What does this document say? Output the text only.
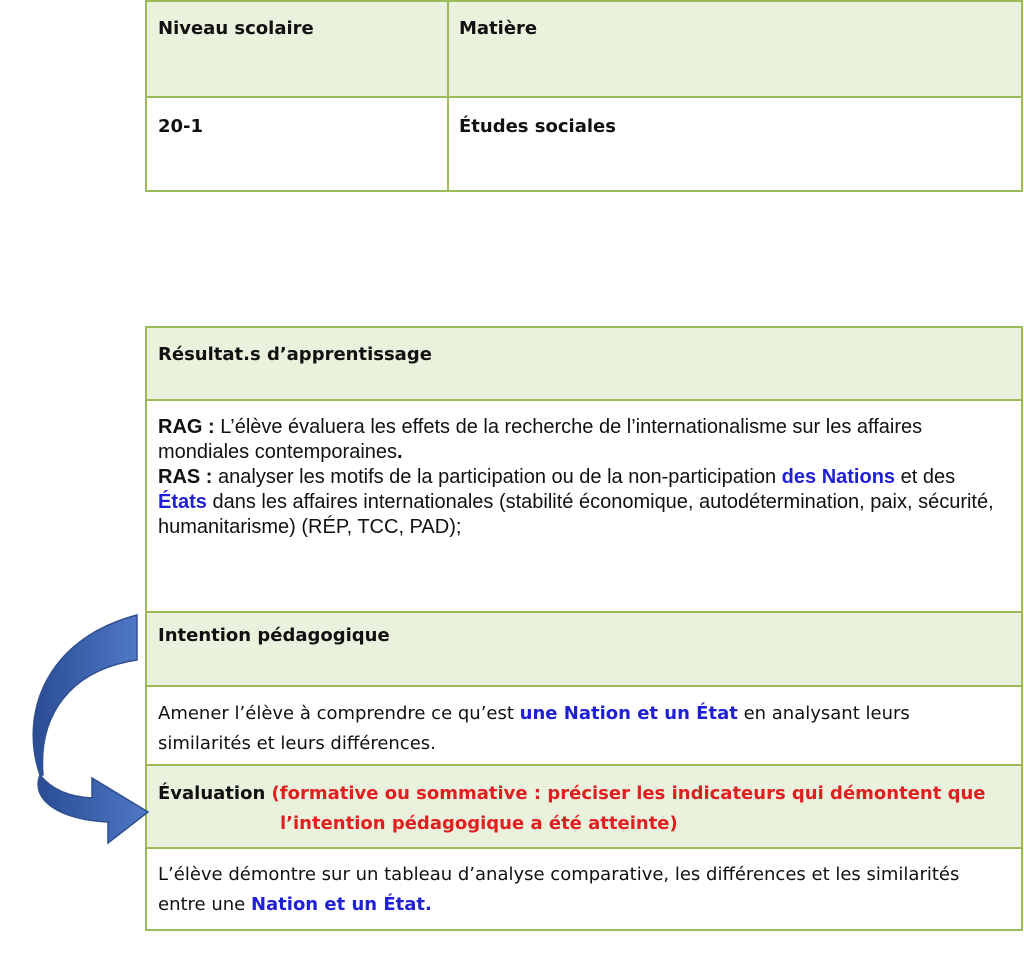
Niveau scolaire	Matière
20-1	Études sociales
Résultat.s d’apprentissage
RAG : L’élève évaluera les effets de la recherche de l’internationalisme sur les affaires mondiales contemporaines.
RAS : analyser les motifs de la participation ou de la non-participation des Nations et des États dans les affaires internationales (stabilité économique, autodétermination, paix, sécurité, humanitarisme) (RÉP, TCC, PAD);
Intention pédagogique
Amener l’élève à comprendre ce qu’est une Nation et un État en analysant leurs similarités et leurs différences.
Évaluation (formative ou sommative : préciser les indicateurs qui démontent que
l’intention pédagogique a été atteinte)
L’élève démontre sur un tableau d’analyse comparative, les différences et les similarités entre une Nation et un État.
